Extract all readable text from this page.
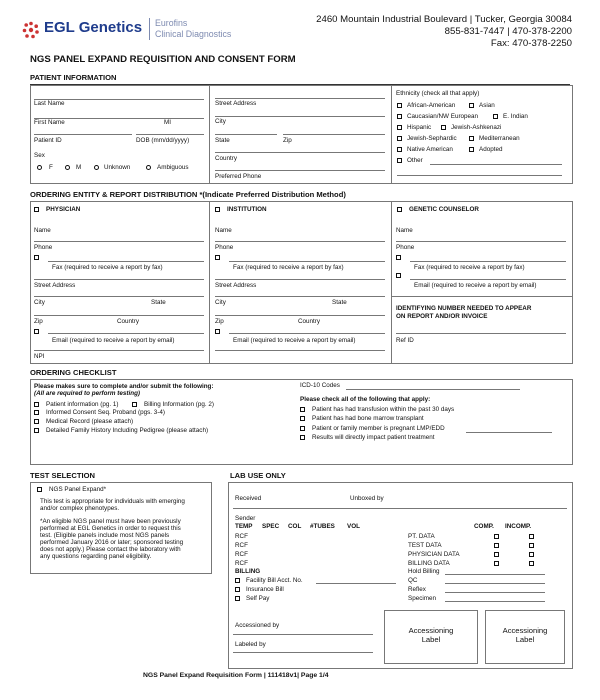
EGL Genetics Eurofins
Clinical Diagnostics
2460 Mountain Industrial Boulevard | Tucker, Georgia 30084
855-831-7447 | 470-378-2200
Fax: 470-378-2250
NGS PANEL EXPAND REQUISITION AND CONSENT FORM
PATIENT INFORMATION
Last Name
First Name	MI
Patient ID	DOB (mm/dd/yyyy)
Sex
F	M	Unknown	Ambiguous
Street Address
City
State	Zip
Country
Preferred Phone
Ethnicity (check all that apply)
African-American	Asian
Caucasian/NW European	E. Indian
Hispanic	Jewish-Ashkenazi
Jewish-Sephardic	Mediterranean
Native American	Adopted
Other
ORDERING ENTITY & REPORT DISTRIBUTION *(Indicate Preferred Distribution Method)
PHYSICIAN
Name
Phone
Fax (required to receive a report by fax)
Street Address
City	State
Zip	Country
Email (required to receive a report by email)
NPI
INSTITUTION
Name
Phone
Fax (required to receive a report by fax)
Street Address
City	State
Zip	Country
Email (required to receive a report by email)
GENETIC COUNSELOR
Name
Phone
Fax (required to receive a report by fax)
Email (required to receive a report by email)
IDENTIFYING NUMBER NEEDED TO APPEAR
ON REPORT AND/OR INVOICE
Ref ID
ORDERING CHECKLIST
Please makes sure to complete and/or submit the following:
(All are required to perform testing)
Patient information (pg. 1)	Billing Information (pg. 2)
Informed Consent Seq. Proband (pgs. 3-4)
Medical Record (please attach)
Detailed Family History Including Pedigree (please attach)
ICD-10 Codes
Please check all of the following that apply:
Patient has had transfusion within the past 30 days
Patient has had bone marrow transplant
Patient or family member is pregnant LMP/EDD
Results will directly impact patient treatment
TEST SELECTION
NGS Panel Expand*
This test is appropriate for individuals with emerging
and/or complex phenotypes.
*An eligible NGS panel must have been previously
performed at EGL Genetics in order to request this
test. (Eligible panels include most NGS panels
performed January 2016 or later; sponsored testing
does not apply.) Please contact the laboratory with
any questions regarding panel eligibility.
LAB USE ONLY
Received	Unboxed by
Sender
TEMP SPEC COL #TUBES VOL	COMP. INCOMP.
RCF
RCF
RCF
RCF
PT. DATA
TEST DATA
PHYSICIAN DATA
BILLING DATA
BILLING
Facility Bill Acct. No.
Insurance Bill
Self Pay
Hold Billing
QC
Reflex
Specimen
Accessioned by
Labeled by
Accessioning
Label
Accessioning
Label
NGS Panel Expand Requisition Form | 111418v1| Page 1/4
